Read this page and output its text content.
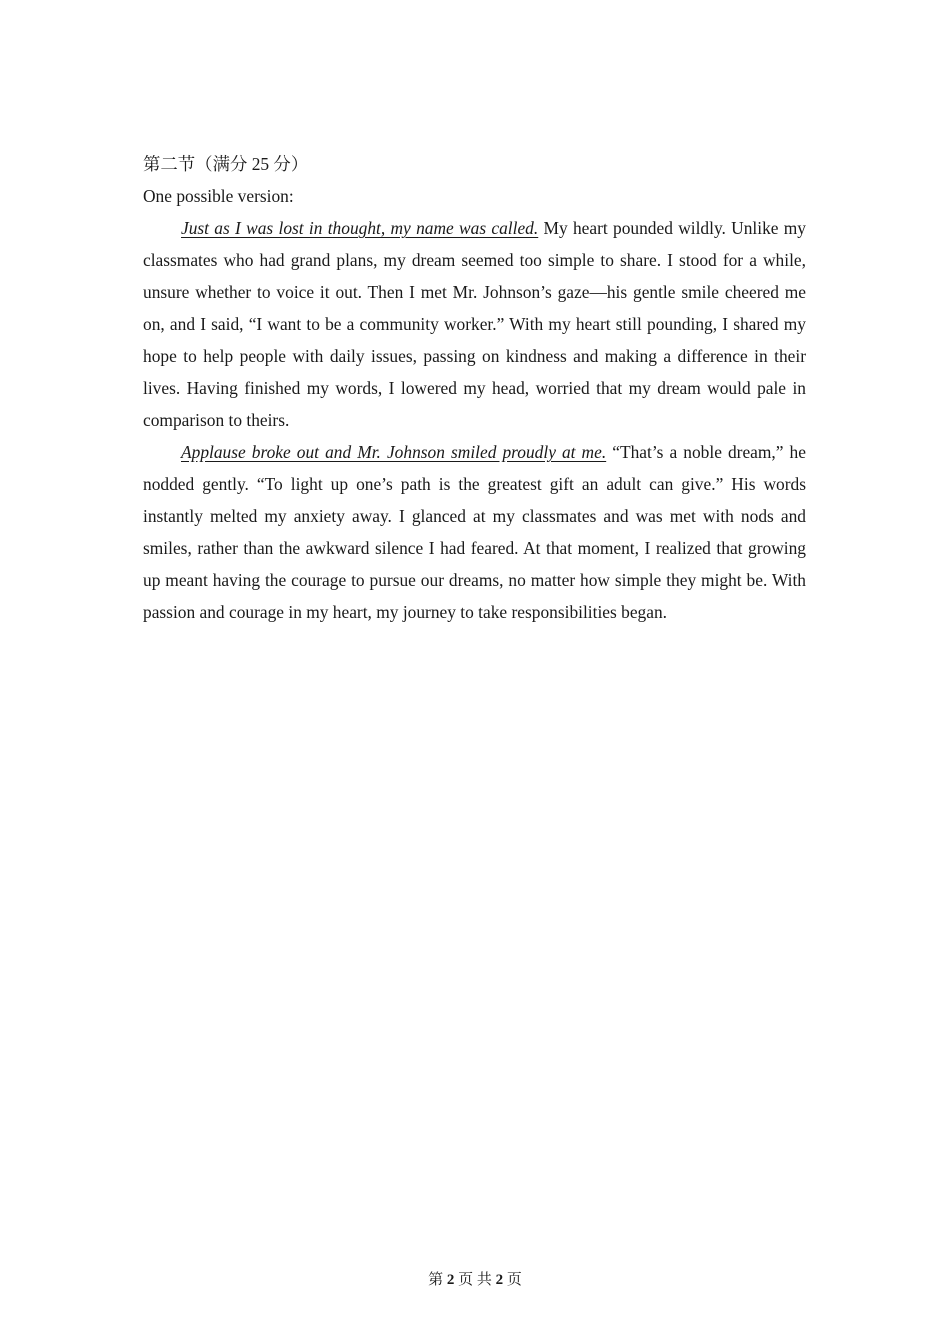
第二节（满分 25 分）

One possible version:

Just as I was lost in thought, my name was called. My heart pounded wildly. Unlike my classmates who had grand plans, my dream seemed too simple to share. I stood for a while, unsure whether to voice it out. Then I met Mr. Johnson’s gaze—his gentle smile cheered me on, and I said, “I want to be a community worker.” With my heart still pounding, I shared my hope to help people with daily issues, passing on kindness and making a difference in their lives. Having finished my words, I lowered my head, worried that my dream would pale in comparison to theirs.

Applause broke out and Mr. Johnson smiled proudly at me. “That’s a noble dream,” he nodded gently. “To light up one’s path is the greatest gift an adult can give.” His words instantly melted my anxiety away. I glanced at my classmates and was met with nods and smiles, rather than the awkward silence I had feared. At that moment, I realized that growing up meant having the courage to pursue our dreams, no matter how simple they might be. With passion and courage in my heart, my journey to take responsibilities began.

第 2 页 共 2 页
